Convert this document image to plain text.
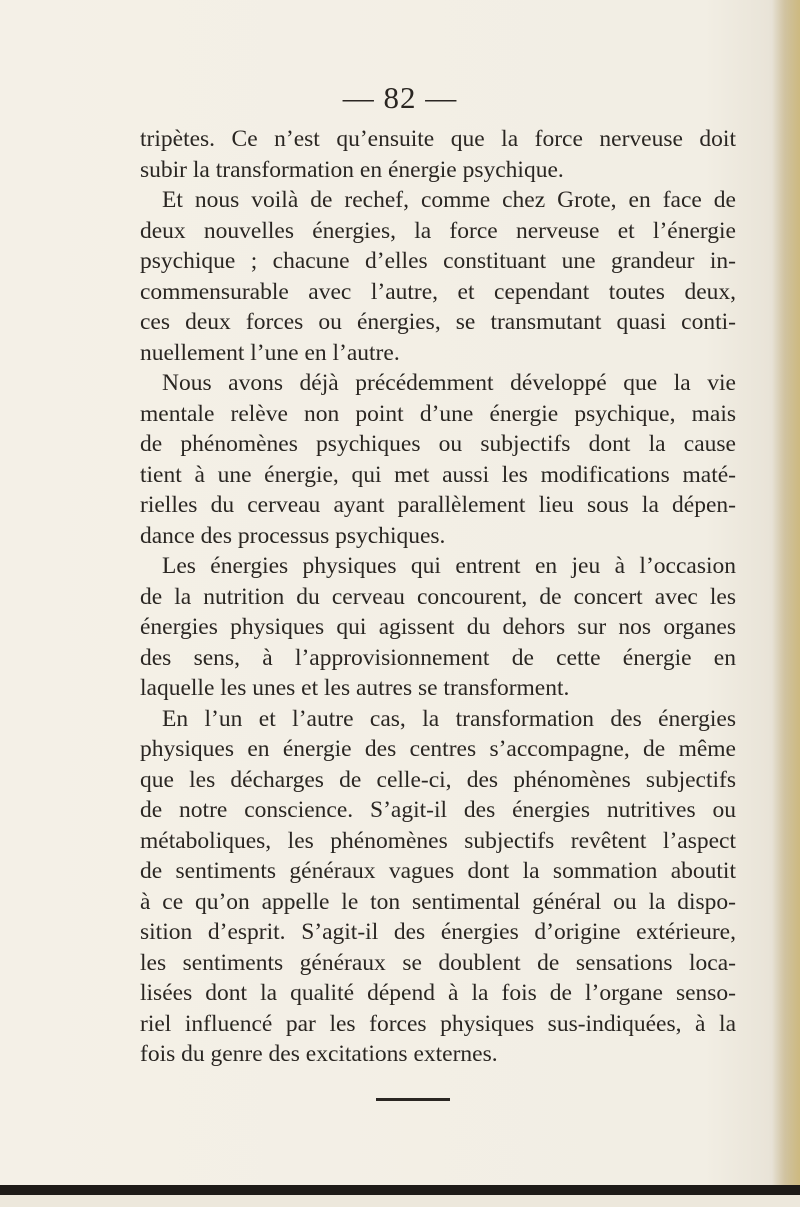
— 82 —
tripètes. Ce n’est qu’ensuite que la force nerveuse doit
subir la transformation en énergie psychique.
Et nous voilà de rechef, comme chez Grote, en face de
deux nouvelles énergies, la force nerveuse et l’énergie
psychique ; chacune d’elles constituant une grandeur in-
commensurable avec l’autre, et cependant toutes deux,
ces deux forces ou énergies, se transmutant quasi conti-
nuellement l’une en l’autre.
Nous avons déjà précédemment développé que la vie
mentale relève non point d’une énergie psychique, mais
de phénomènes psychiques ou subjectifs dont la cause
tient à une énergie, qui met aussi les modifications maté-
rielles du cerveau ayant parallèlement lieu sous la dépen-
dance des processus psychiques.
Les énergies physiques qui entrent en jeu à l’occasion
de la nutrition du cerveau concourent, de concert avec les
énergies physiques qui agissent du dehors sur nos organes
des sens, à l’approvisionnement de cette énergie en
laquelle les unes et les autres se transforment.
En l’un et l’autre cas, la transformation des énergies
physiques en énergie des centres s’accompagne, de même
que les décharges de celle-ci, des phénomènes subjectifs
de notre conscience. S’agit-il des énergies nutritives ou
métaboliques, les phénomènes subjectifs revêtent l’aspect
de sentiments généraux vagues dont la sommation aboutit
à ce qu’on appelle le ton sentimental général ou la dispo-
sition d’esprit. S’agit-il des énergies d’origine extérieure,
les sentiments généraux se doublent de sensations loca-
lisées dont la qualité dépend à la fois de l’organe senso-
riel influencé par les forces physiques sus-indiquées, à la
fois du genre des excitations externes.
